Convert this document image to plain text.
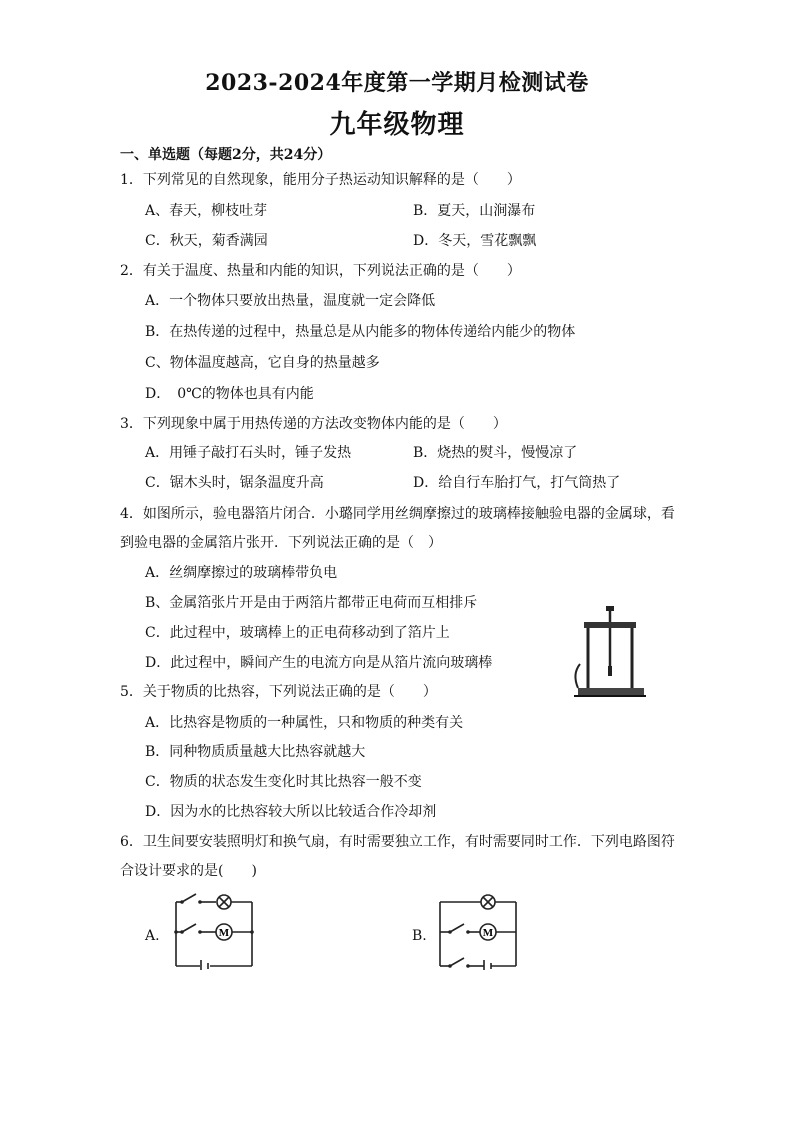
2023-2024年度第一学期月检测试卷
九年级物理
一、单选题（每题2分，共24分）
1．下列常见的自然现象，能用分子热运动知识解释的是（　　）
A、春天，柳枝吐芽	B．夏天，山涧瀑布
C．秋天，菊香满园	D．冬天，雪花飘飘
2．有关于温度、热量和内能的知识，下列说法正确的是（　　）
A．一个物体只要放出热量，温度就一定会降低
B．在热传递的过程中，热量总是从内能多的物体传递给内能少的物体
C、物体温度越高，它自身的热量越多
D．　0℃的物体也具有内能
3．下列现象中属于用热传递的方法改变物体内能的是（　　）
A．用锤子敲打石头时，锤子发热	B．烧热的熨斗，慢慢凉了
C．锯木头时，锯条温度升高	D．给自行车胎打气，打气筒热了
4．如图所示，验电器箔片闭合．小璐同学用丝绸摩擦过的玻璃棒接触验电器的金属球，看
到验电器的金属箔片张开．下列说法正确的是（　）
A．丝绸摩擦过的玻璃棒带负电
B、金属箔张片开是由于两箔片都带正电荷而互相排斥
C．此过程中，玻璃棒上的正电荷移动到了箔片上
D．此过程中，瞬间产生的电流方向是从箔片流向玻璃棒
5．关于物质的比热容，下列说法正确的是（　　）
A．比热容是物质的一种属性，只和物质的种类有关
B．同种物质质量越大比热容就越大
C．物质的状态发生变化时其比热容一般不变
D．因为水的比热容较大所以比较适合作冷却剂
6．卫生间要安装照明灯和换气扇，有时需要独立工作，有时需要同时工作．下列电路图符
合设计要求的是(　　)
A.	M	B.	M
